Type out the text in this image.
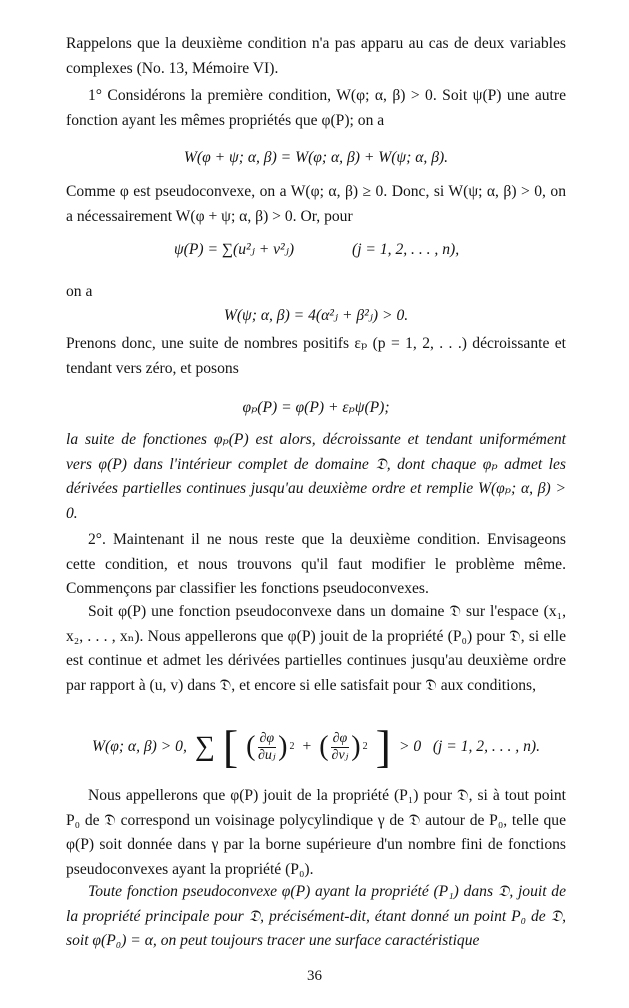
Rappelons que la deuxième condition n'a pas apparu au cas de deux variables complexes (No. 13, Mémoire VI).

1° Considérons la première condition, W(φ; α, β) > 0. Soit ψ(P) une autre fonction ayant les mêmes propriétés que φ(P); on a

W(φ + ψ; α, β) = W(φ; α, β) + W(ψ; α, β).

Comme φ est pseudoconvexe, on a W(φ; α, β) ≥ 0. Donc, si W(ψ; α, β) > 0, on a nécessairement W(φ + ψ; α, β) > 0. Or, pour

ψ(P) = ∑(u²ⱼ + v²ⱼ)	(j = 1, 2, . . . , n),

on a

W(ψ; α, β) = 4(α²ⱼ + β²ⱼ) > 0.

Prenons donc, une suite de nombres positifs εₚ (p = 1, 2, . . .) décroissante et tendant vers zéro, et posons

φₚ(P) = φ(P) + εₚψ(P);

la suite de fonctiones φₚ(P) est alors, décroissante et tendant uniformément vers φ(P) dans l'intérieur complet de domaine 𝔇, dont chaque φₚ admet les dérivées partielles continues jusqu'au deuxième ordre et remplie W(φₚ; α, β) > 0.

2°. Maintenant il ne nous reste que la deuxième condition. Envisageons cette condition, et nous trouvons qu'il faut modifier le problème même. Commençons par classifier les fonctions pseudoconvexes.

Soit φ(P) une fonction pseudoconvexe dans un domaine 𝔇 sur l'espace (x₁, x₂, . . . , xₙ). Nous appellerons que φ(P) jouit de la propriété (P₀) pour 𝔇, si elle est continue et admet les dérivées partielles continues jusqu'au deuxième ordre par rapport à (u, v) dans 𝔇, et encore si elle satisfait pour 𝔇 aux conditions,

W(φ; α, β) > 0, ∑ [ ( $\frac{\partial\varphi}{\text{∂uⱼ}}$ ) 2 + ( $\frac{\partial\varphi}{\text{∂vⱼ}}$ ) 2 ] > 0   (j = 1, 2, . . . , n).

Nous appellerons que φ(P) jouit de la propriété (P₁) pour 𝔇, si à tout point P₀ de 𝔇 correspond un voisinage polycylindique γ de 𝔇 autour de P₀, telle que φ(P) soit donnée dans γ par la borne supérieure d'un nombre fini de fonctions pseudoconvexes ayant la propriété (P₀).

Toute fonction pseudoconvexe φ(P) ayant la propriété (P₁) dans 𝔇, jouit de la propriété principale pour 𝔇, précisément-dit, étant donné un point P₀ de 𝔇, soit φ(P₀) = α, on peut toujours tracer une surface caractéristique

36
